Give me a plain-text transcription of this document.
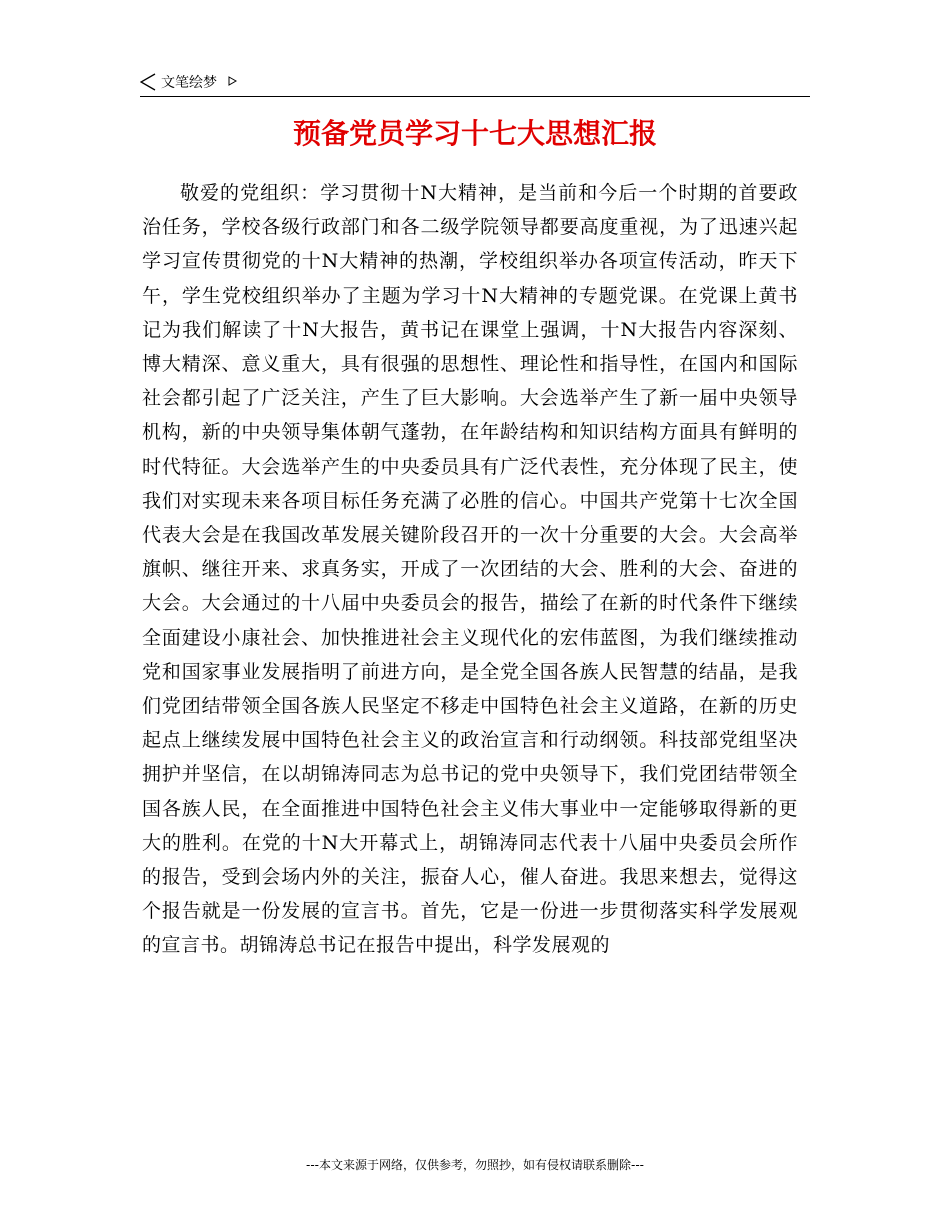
文笔绘梦
预备党员学习十七大思想汇报

敬爱的党组织：学习贯彻十N大精神，是当前和今后一个时期的首要政治任务，学校各级行政部门和各二级学院领导都要高度重视，为了迅速兴起学习宣传贯彻党的十N大精神的热潮，学校组织举办各项宣传活动，昨天下午，学生党校组织举办了主题为学习十N大精神的专题党课。在党课上黄书记为我们解读了十N大报告，黄书记在课堂上强调，十N大报告内容深刻、博大精深、意义重大，具有很强的思想性、理论性和指导性，在国内和国际社会都引起了广泛关注，产生了巨大影响。大会选举产生了新一届中央领导机构，新的中央领导集体朝气蓬勃，在年龄结构和知识结构方面具有鲜明的时代特征。大会选举产生的中央委员具有广泛代表性，充分体现了民主，使我们对实现未来各项目标任务充满了必胜的信心。中国共产党第十七次全国代表大会是在我国改革发展关键阶段召开的一次十分重要的大会。大会高举旗帜、继往开来、求真务实，开成了一次团结的大会、胜利的大会、奋进的大会。大会通过的十八届中央委员会的报告，描绘了在新的时代条件下继续全面建设小康社会、加快推进社会主义现代化的宏伟蓝图，为我们继续推动党和国家事业发展指明了前进方向，是全党全国各族人民智慧的结晶，是我们党团结带领全国各族人民坚定不移走中国特色社会主义道路，在新的历史起点上继续发展中国特色社会主义的政治宣言和行动纲领。科技部党组坚决拥护并坚信，在以胡锦涛同志为总书记的党中央领导下，我们党团结带领全国各族人民，在全面推进中国特色社会主义伟大事业中一定能够取得新的更大的胜利。在党的十N大开幕式上，胡锦涛同志代表十八届中央委员会所作的报告，受到会场内外的关注，振奋人心，催人奋进。我思来想去，觉得这个报告就是一份发展的宣言书。首先，它是一份进一步贯彻落实科学发展观的宣言书。胡锦涛总书记在报告中提出，科学发展观的

---本文来源于网络，仅供参考，勿照抄，如有侵权请联系删除---
